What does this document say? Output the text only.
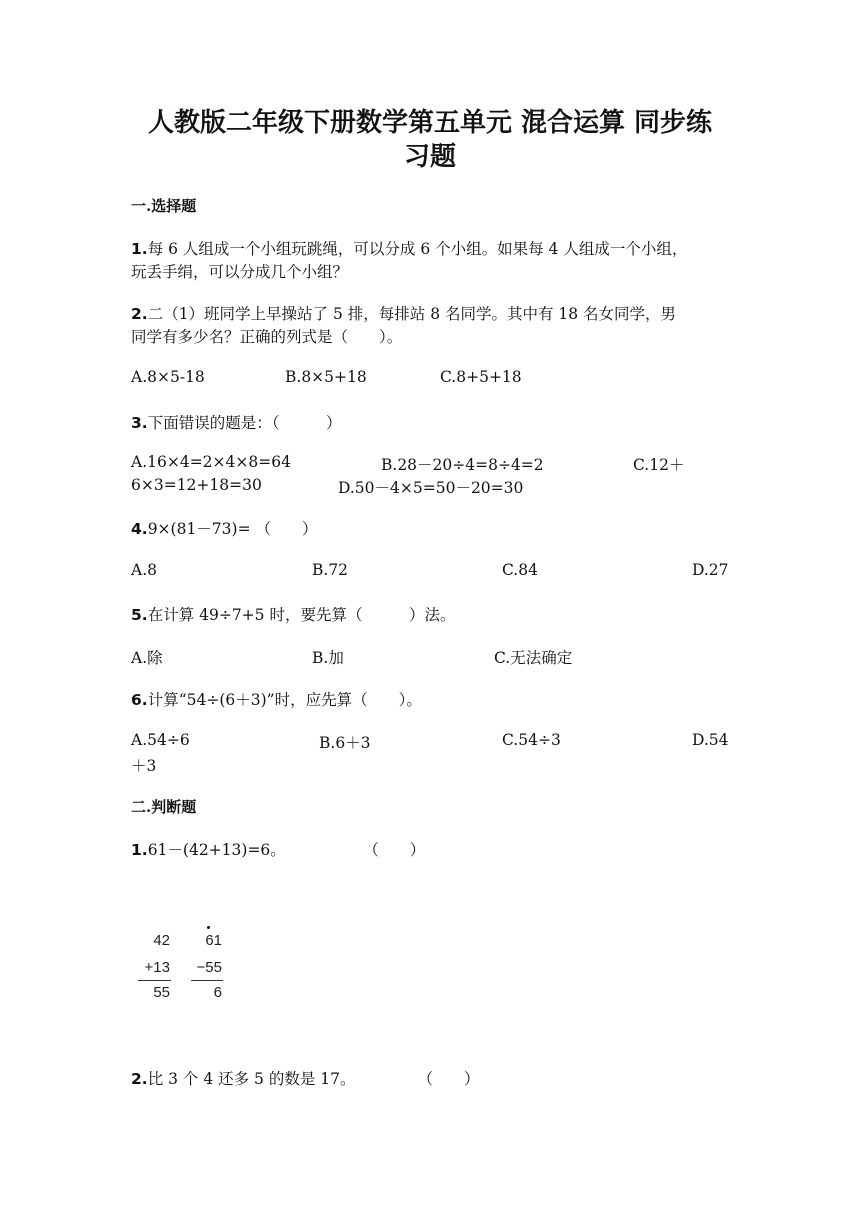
人教版二年级下册数学第五单元 混合运算 同步练
习题
一.选择题
1.每 6 人组成一个小组玩跳绳，可以分成 6 个小组。如果每 4 人组成一个小组，
玩丢手绢，可以分成几个小组？
2.二（1）班同学上早操站了 5 排，每排站 8 名同学。其中有 18 名女同学，男
同学有多少名？正确的列式是（　　）。
A.8×5-18	B.8×5+18	C.8+5+18
3.下面错误的题是：（　　　）
A.16×4=2×4×8=64	B.28－20÷4=8÷4=2	C.12＋
6×3=12+18=30	D.50－4×5=50－20=30
4.9×(81－73)= （　　）
A.8	B.72	C.84	D.27
5.在计算 49÷7+5 时，要先算（　　　）法。
A.除	B.加	C.无法确定
6.计算“54÷(6＋3)”时，应先算（　　）。
A.54÷6	B.6＋3	C.54÷3	D.54
＋3
二.判断题
1.61－(42+13)=6。　　　　　　（　　）
42
+13
55
61
−55
6
2.比 3 个 4 还多 5 的数是 17。　　　　　（　　）
